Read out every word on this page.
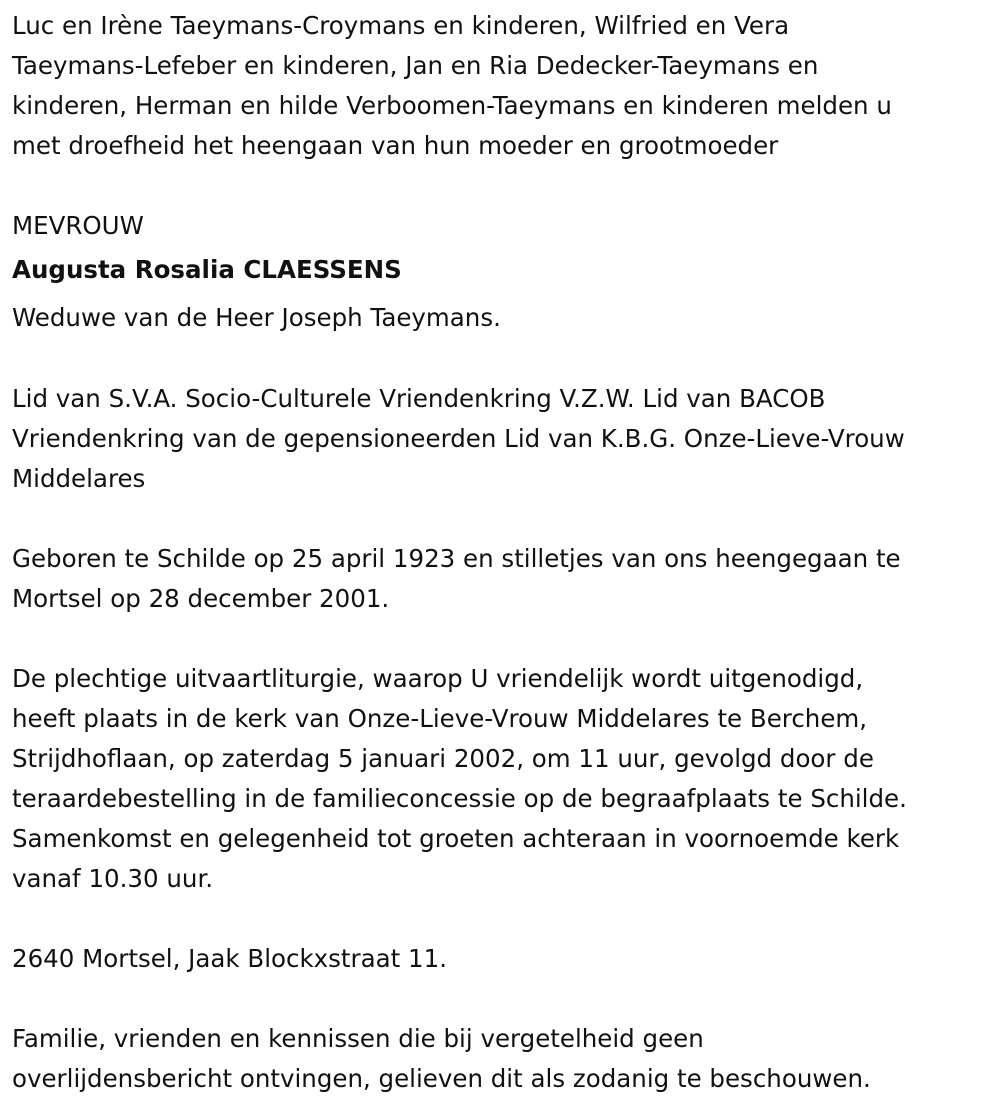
Luc en Irène Taeymans-Croymans en kinderen, Wilfried en Vera
Taeymans-Lefeber en kinderen, Jan en Ria Dedecker-Taeymans en
kinderen, Herman en hilde Verboomen-Taeymans en kinderen melden u
met droefheid het heengaan van hun moeder en grootmoeder
MEVROUW
Augusta Rosalia CLAESSENS
Weduwe van de Heer Joseph Taeymans.
Lid van S.V.A. Socio-Culturele Vriendenkring V.Z.W. Lid van BACOB
Vriendenkring van de gepensioneerden Lid van K.B.G. Onze-Lieve-Vrouw
Middelares
Geboren te Schilde op 25 april 1923 en stilletjes van ons heengegaan te
Mortsel op 28 december 2001.
De plechtige uitvaartliturgie, waarop U vriendelijk wordt uitgenodigd,
heeft plaats in de kerk van Onze-Lieve-Vrouw Middelares te Berchem,
Strijdhoflaan, op zaterdag 5 januari 2002, om 11 uur, gevolgd door de
teraardebestelling in de familieconcessie op de begraafplaats te Schilde.
Samenkomst en gelegenheid tot groeten achteraan in voornoemde kerk
vanaf 10.30 uur.
2640 Mortsel, Jaak Blockxstraat 11.
Familie, vrienden en kennissen die bij vergetelheid geen
overlijdensbericht ontvingen, gelieven dit als zodanig te beschouwen.
